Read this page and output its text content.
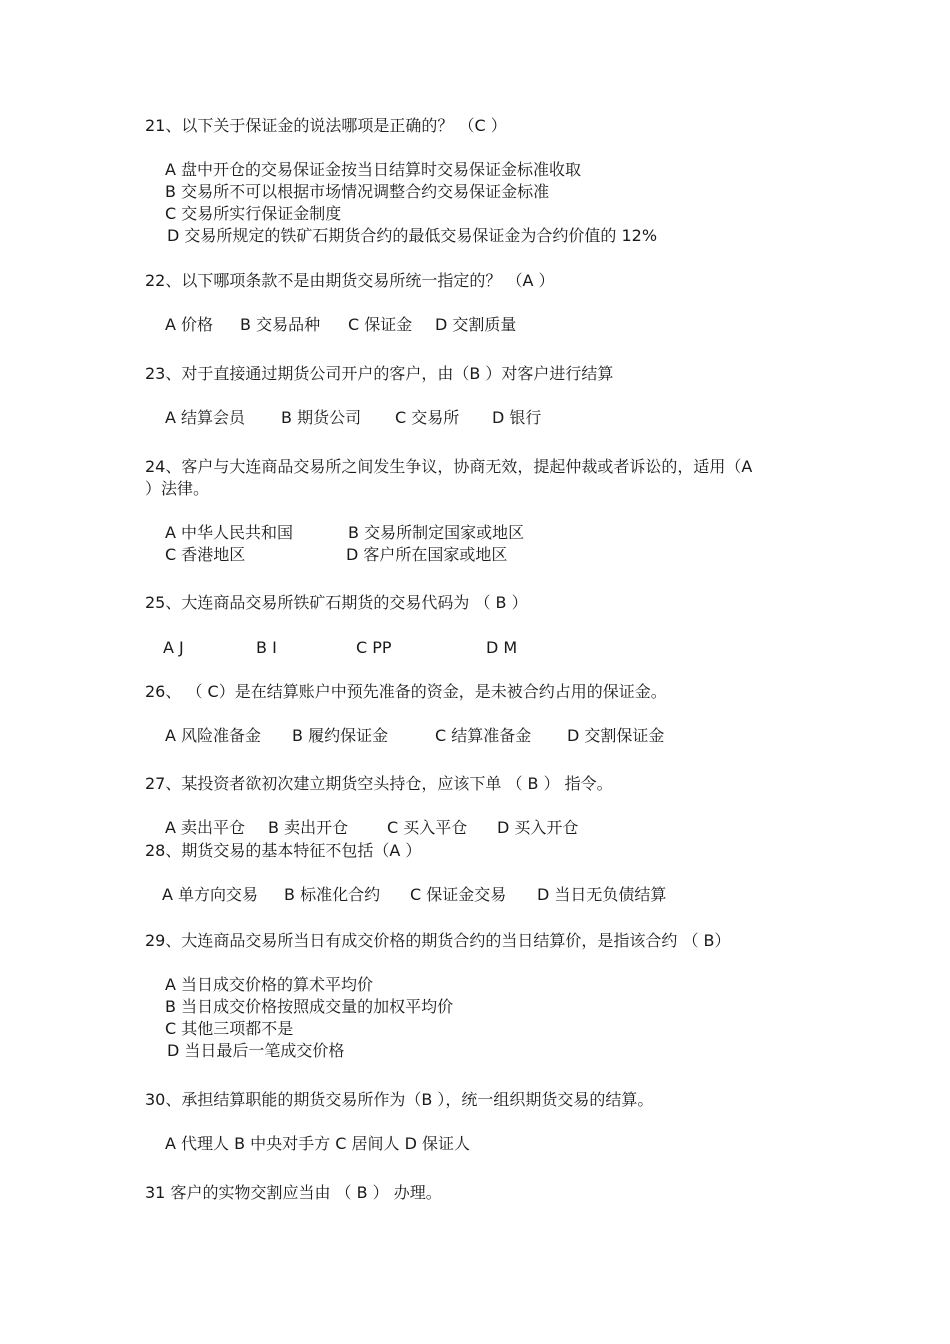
21、以下关于保证金的说法哪项是正确的？ （C ）
A 盘中开仓的交易保证金按当日结算时交易保证金标准收取
B 交易所不可以根据市场情况调整合约交易保证金标准
C 交易所实行保证金制度
D 交易所规定的铁矿石期货合约的最低交易保证金为合约价值的 12%
22、以下哪项条款不是由期货交易所统一指定的？ （A ）
A 价格 B 交易品种 C 保证金 D 交割质量
23、对于直接通过期货公司开户的客户，由（B ）对客户进行结算
A 结算会员 B 期货公司 C 交易所 D 银行
24、客户与大连商品交易所之间发生争议，协商无效，提起仲裁或者诉讼的，适用（A
）法律。
A 中华人民共和国	B 交易所制定国家或地区
C 香港地区	D 客户所在国家或地区
25、大连商品交易所铁矿石期货的交易代码为 （ B ）
A J	B I	C PP	D M
26、 （ C）是在结算账户中预先准备的资金，是未被合约占用的保证金。
A 风险准备金 B 履约保证金	C 结算准备金 D 交割保证金
27、某投资者欲初次建立期货空头持仓，应该下单 （ B ） 指令。
A 卖出平仓 B 卖出开仓 C 买入平仓 D 买入开仓
28、期货交易的基本特征不包括（A ）
A 单方向交易 B 标准化合约 C 保证金交易 D 当日无负债结算
29、大连商品交易所当日有成交价格的期货合约的当日结算价，是指该合约 （ B）
A 当日成交价格的算术平均价
B 当日成交价格按照成交量的加权平均价
C 其他三项都不是
D 当日最后一笔成交价格
30、承担结算职能的期货交易所作为（B ），统一组织期货交易的结算。
A 代理人 B 中央对手方 C 居间人 D 保证人
31 客户的实物交割应当由 （ B ） 办理。
